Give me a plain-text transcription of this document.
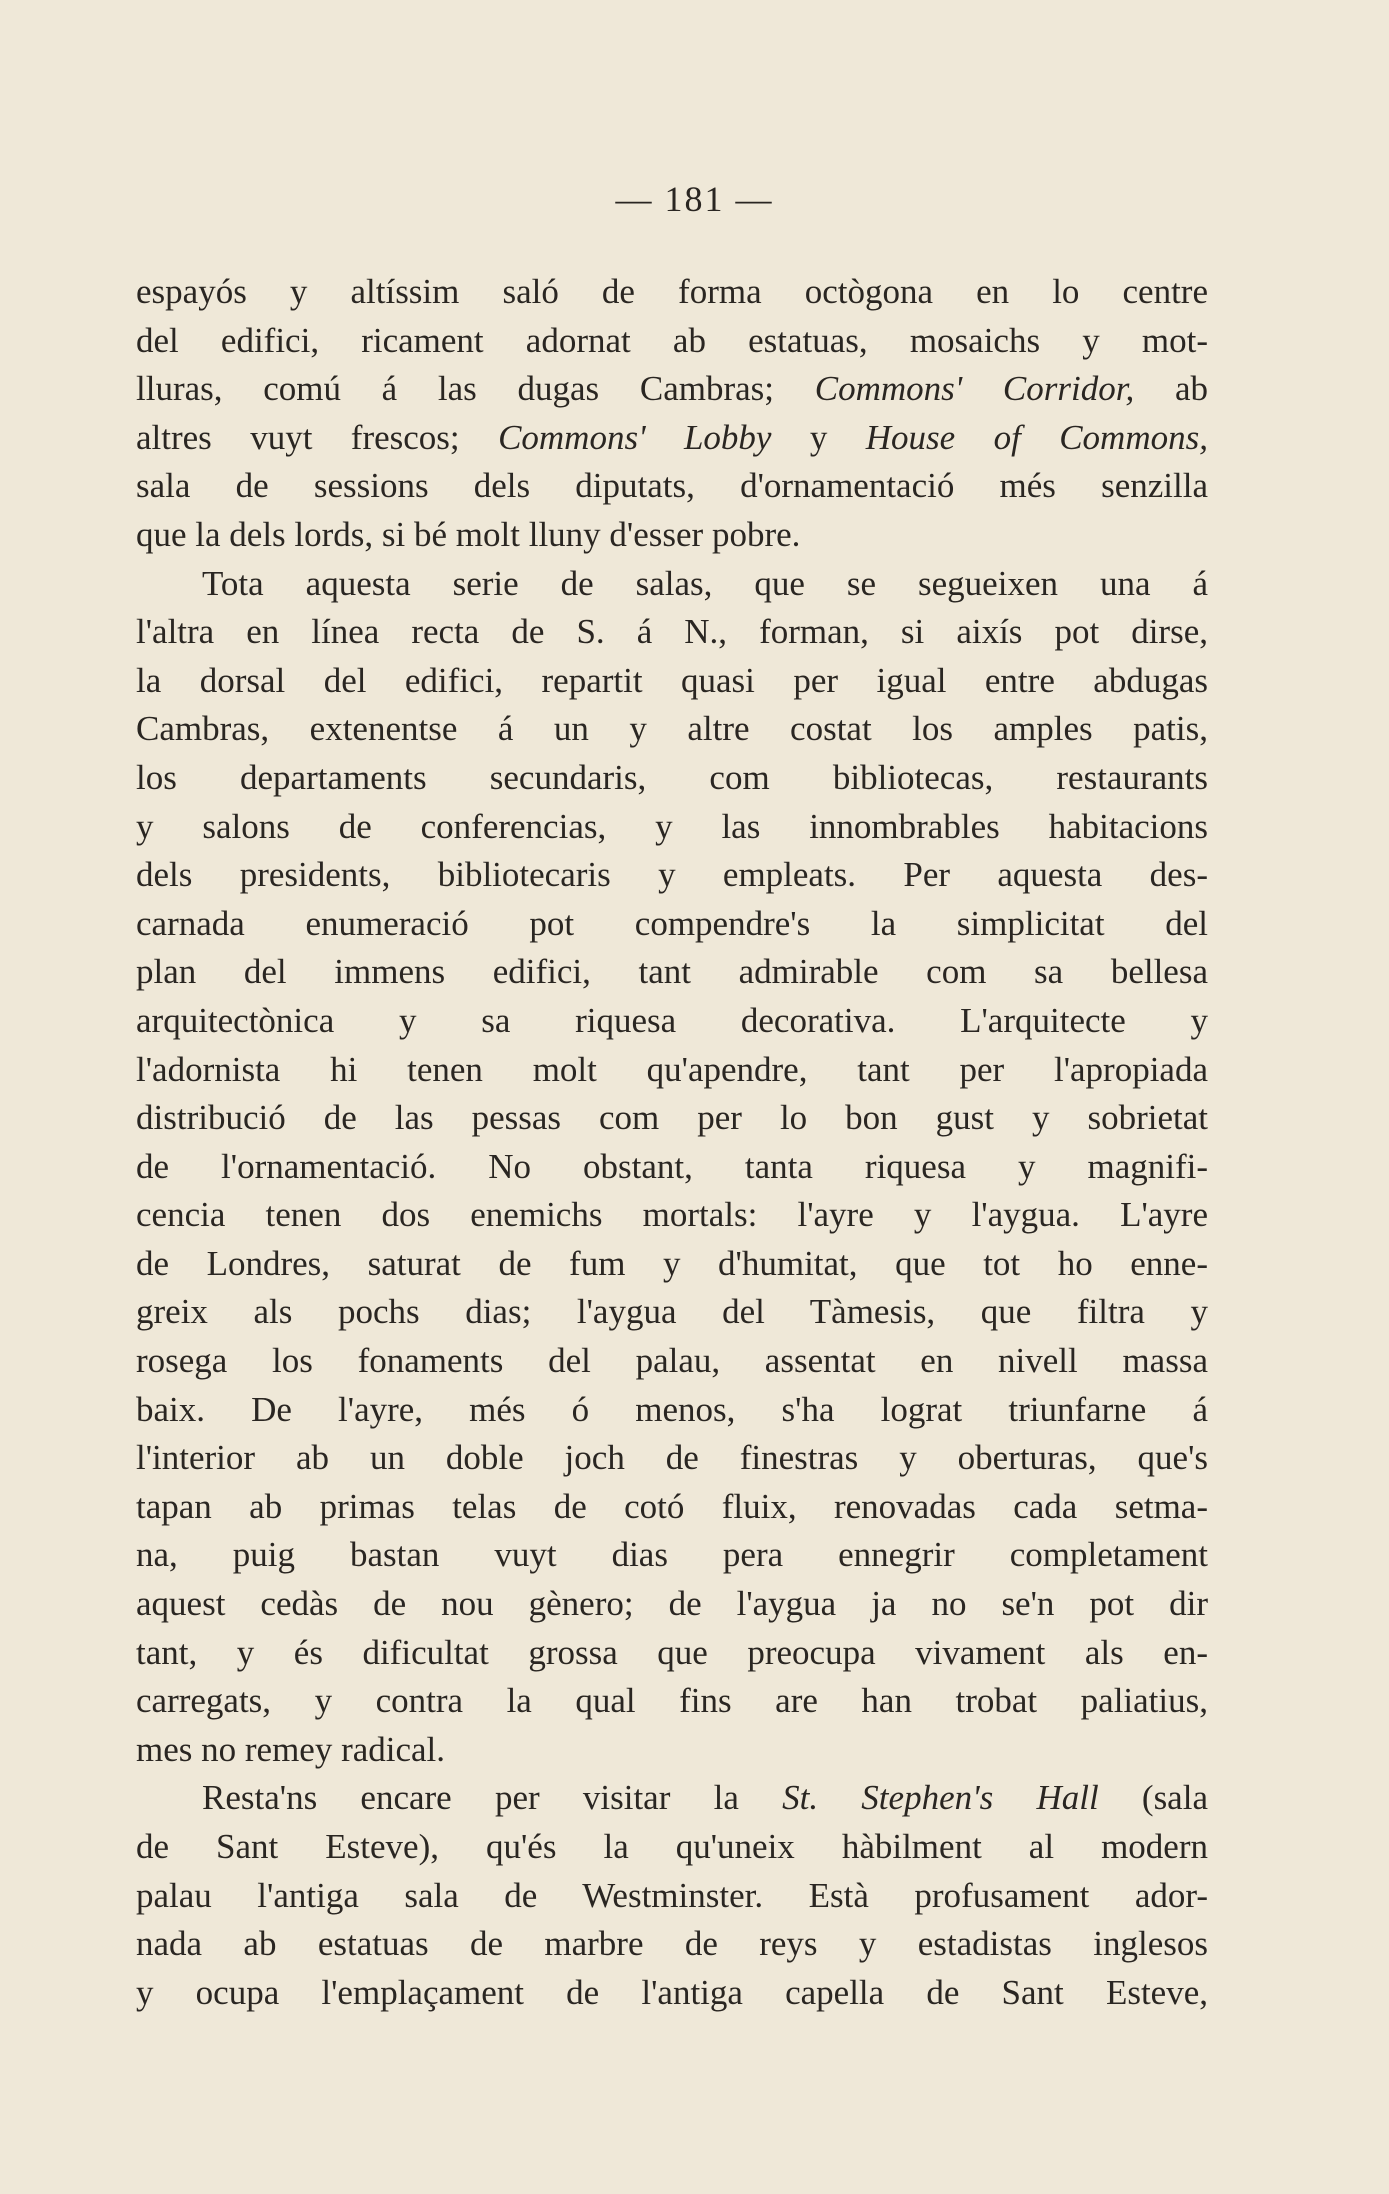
— 181 —
espayós y altíssim saló de forma octògona en lo centre
del edifici, ricament adornat ab estatuas, mosaichs y mot-
lluras, comú á las dugas Cambras; Commons' Corridor, ab
altres vuyt frescos; Commons' Lobby y House of Commons,
sala de sessions dels diputats, d'ornamentació més senzilla
que la dels lords, si bé molt lluny d'esser pobre.
Tota aquesta serie de salas, que se segueixen una á
l'altra en línea recta de S. á N., forman, si aixís pot dirse,
la dorsal del edifici, repartit quasi per igual entre abdugas
Cambras, extenentse á un y altre costat los amples patis,
los departaments secundaris, com bibliotecas, restaurants
y salons de conferencias, y las innombrables habitacions
dels presidents, bibliotecaris y empleats. Per aquesta des-
carnada enumeració pot compendre's la simplicitat del
plan del immens edifici, tant admirable com sa bellesa
arquitectònica y sa riquesa decorativa. L'arquitecte y
l'adornista hi tenen molt qu'apendre, tant per l'apropiada
distribució de las pessas com per lo bon gust y sobrietat
de l'ornamentació. No obstant, tanta riquesa y magnifi-
cencia tenen dos enemichs mortals: l'ayre y l'aygua. L'ayre
de Londres, saturat de fum y d'humitat, que tot ho enne-
greix als pochs dias; l'aygua del Tàmesis, que filtra y
rosega los fonaments del palau, assentat en nivell massa
baix. De l'ayre, més ó menos, s'ha lograt triunfarne á
l'interior ab un doble joch de finestras y oberturas, que's
tapan ab primas telas de cotó fluix, renovadas cada setma-
na, puig bastan vuyt dias pera ennegrir completament
aquest cedàs de nou gènero; de l'aygua ja no se'n pot dir
tant, y és dificultat grossa que preocupa vivament als en-
carregats, y contra la qual fins are han trobat paliatius,
mes no remey radical.
Resta'ns encare per visitar la St. Stephen's Hall (sala
de Sant Esteve), qu'és la qu'uneix hàbilment al modern
palau l'antiga sala de Westminster. Està profusament ador-
nada ab estatuas de marbre de reys y estadistas inglesos
y ocupa l'emplaçament de l'antiga capella de Sant Esteve,
